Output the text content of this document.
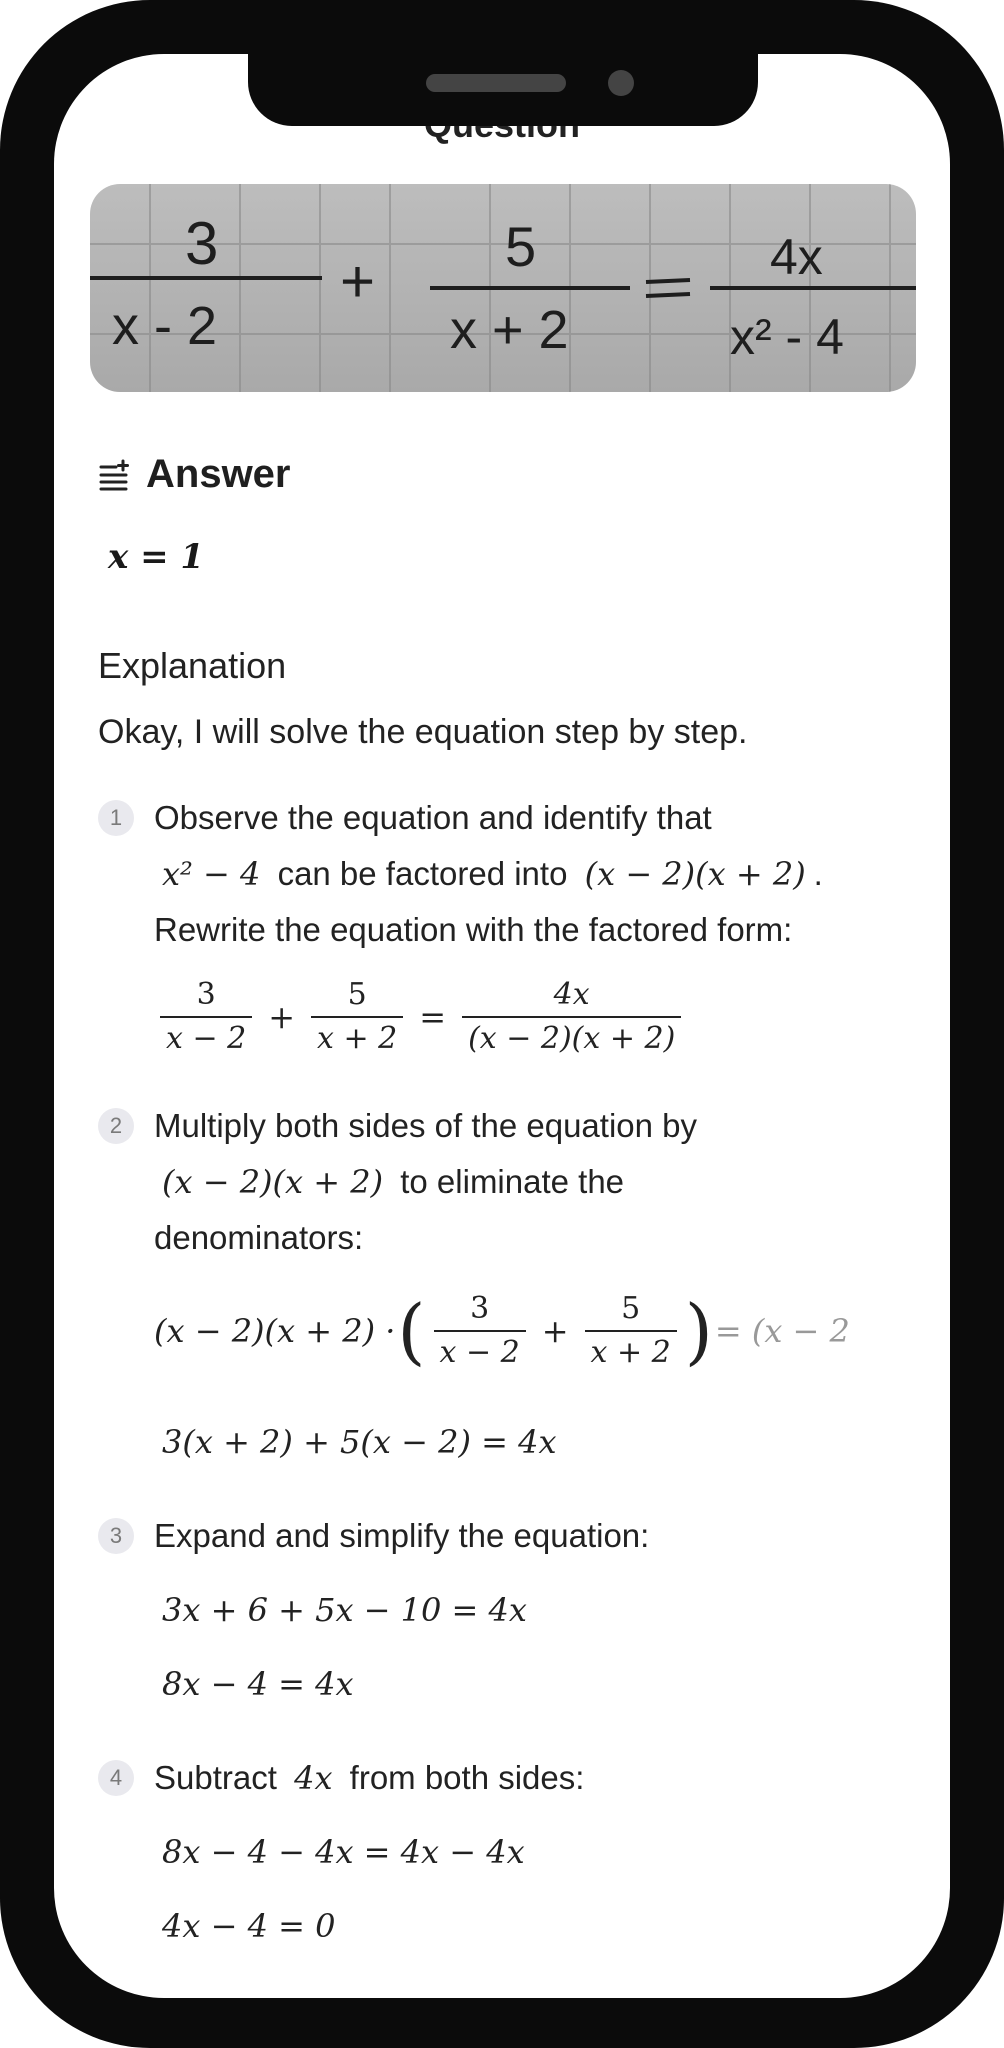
3
x - 2
+
5
x + 2
4x
x² - 4
Answer
x = 1
Explanation
Okay, I will solve the equation step by step.
1 Observe the equation and identify that
x² − 4 can be factored into (x − 2)(x + 2) .
Rewrite the equation with the factored form:
$\frac{3}{x - 2} + \frac{5}{x + 2} = \frac{4x}{(x - 2)(x + 2)}$
2 Multiply both sides of the equation by
(x − 2)(x + 2) to eliminate the
denominators:
(x − 2)(x + 2) · ( $\frac{3}{x - 2} + \frac{5}{x + 2}$ ) = (x − 2
3(x + 2) + 5(x − 2) = 4x
3 Expand and simplify the equation:
3x + 6 + 5x − 10 = 4x
8x − 4 = 4x
4 Subtract 4x from both sides:
8x − 4 − 4x = 4x − 4x
4x − 4 = 0
